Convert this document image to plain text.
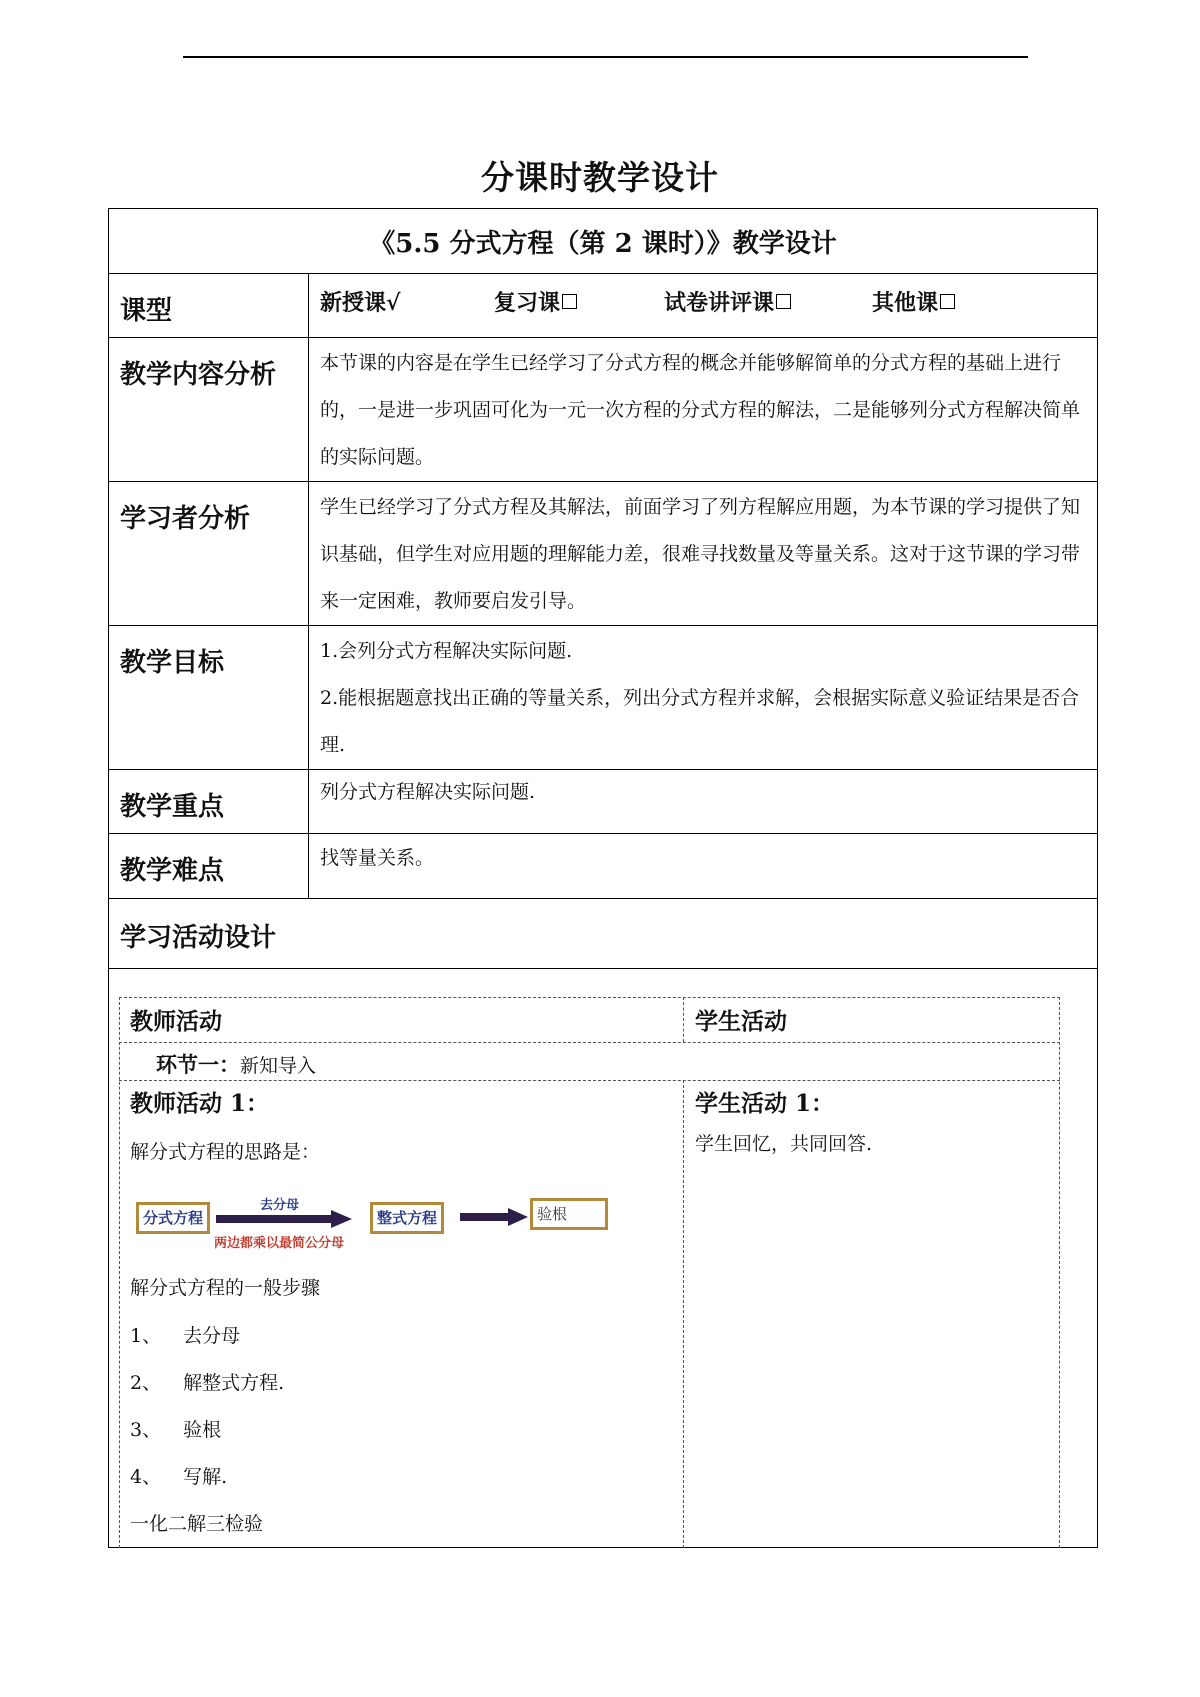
分课时教学设计
《5.5 分式方程（第 2 课时）》教学设计
课型	新授课√	复习课	试卷讲评课	其他课
教学内容分析	本节课的内容是在学生已经学习了分式方程的概念并能够解简单的分式方程的基础上进行的，一是进一步巩固可化为一元一次方程的分式方程的解法，二是能够列分式方程解决简单的实际问题。
学习者分析	学生已经学习了分式方程及其解法，前面学习了列方程解应用题，为本节课的学习提供了知识基础，但学生对应用题的理解能力差，很难寻找数量及等量关系。这对于这节课的学习带来一定困难，教师要启发引导。
教学目标	1.会列分式方程解决实际问题.
2.能根据题意找出正确的等量关系，列出分式方程并求解，会根据实际意义验证结果是否合理.
教学重点	列分式方程解决实际问题.
教学难点	找等量关系。
学习活动设计
教师活动	学生活动
环节一：新知导入
教师活动 1：	学生活动 1：
解分式方程的思路是：	学生回忆，共同回答.
解分式方程的一般步骤
1、 去分母
2、 解整式方程.
3、 验根
4、 写解.
一化二解三检验
分式方程
去分母
两边都乘以最简公分母
整式方程	验根
